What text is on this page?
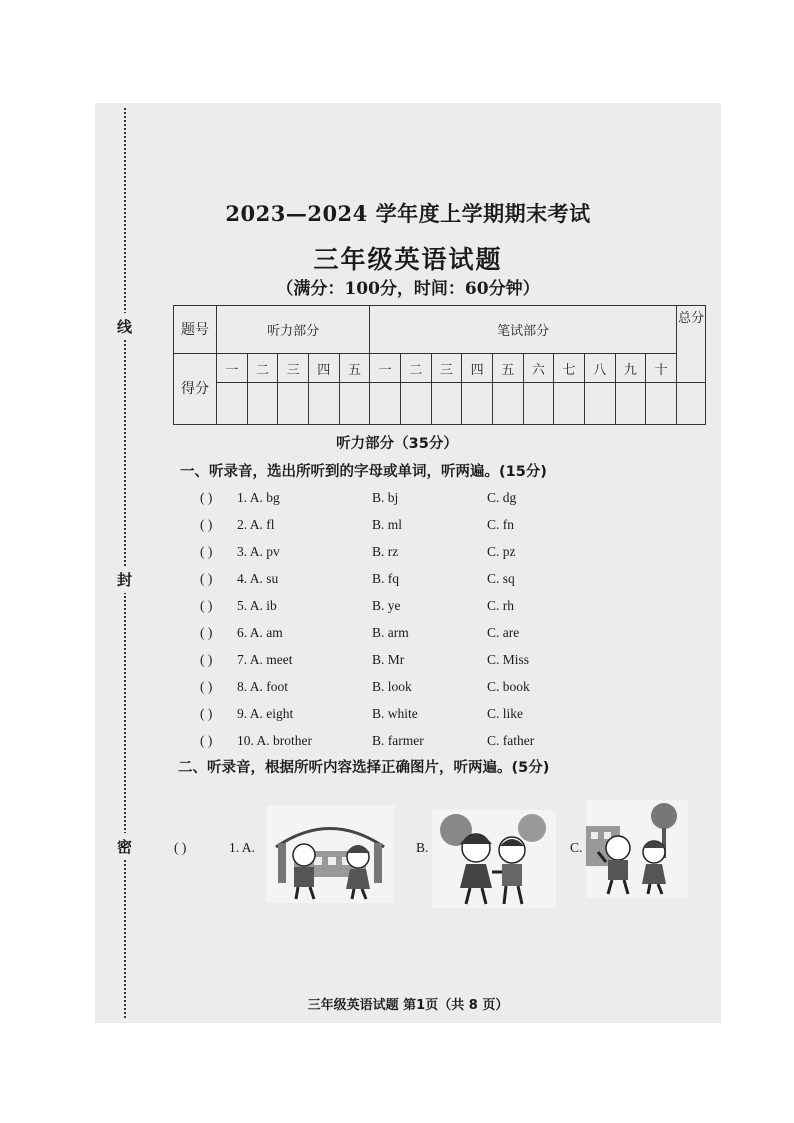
线
封
密
2023—2024 学年度上学期期末考试
三年级英语试题
（满分：100分，时间：60分钟）
题号	听力部分					笔试部分										总分
得分	一	二	三	四	五	一	二	三	四	五	六	七	八	九	十	

听力部分（35分）
一、听录音，选出所听到的字母或单词，听两遍。(15分)
( ) 1. A. bg	B. bj	C. dg
( ) 2. A. fl	B. ml	C. fn
( ) 3. A. pv	B. rz	C. pz
( ) 4. A. su	B. fq	C. sq
( ) 5. A. ib	B. ye	C. rh
( ) 6. A. am	B. arm	C. are
( ) 7. A. meet	B. Mr	C. Miss
( ) 8. A. foot	B. look	C. book
( ) 9. A. eight	B. white	C. like
( ) 10. A. brother	B. farmer	C. father
二、听录音，根据所听内容选择正确图片，听两遍。(5分)
( )	1. A.	B.	C.
三年级英语试题 第1页（共 8 页）
